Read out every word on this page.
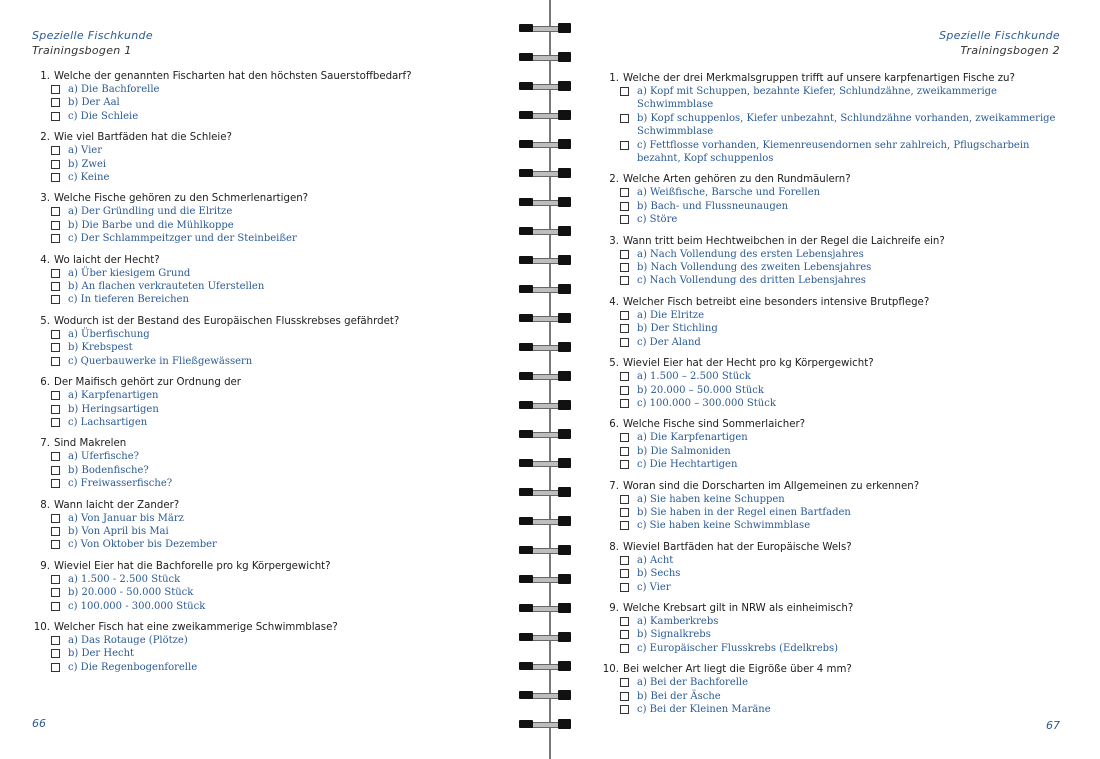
Spezielle Fischkunde
Trainingsbogen 1
1. Welche der genannten Fischarten hat den höchsten Sauerstoffbedarf?
a) Die Bachforelle
b) Der Aal
c) Die Schleie
2. Wie viel Bartfäden hat die Schleie?
a) Vier
b) Zwei
c) Keine
3. Welche Fische gehören zu den Schmerlenartigen?
a) Der Gründling und die Elritze
b) Die Barbe und die Mühlkoppe
c) Der Schlammpeitzger und der Steinbeißer
4. Wo laicht der Hecht?
a) Über kiesigem Grund
b) An flachen verkrauteten Uferstellen
c) In tieferen Bereichen
5. Wodurch ist der Bestand des Europäischen Flusskrebses gefährdet?
a) Überfischung
b) Krebspest
c) Querbauwerke in Fließgewässern
6. Der Maifisch gehört zur Ordnung der
a) Karpfenartigen
b) Heringsartigen
c) Lachsartigen
7. Sind Makrelen
a) Uferfische?
b) Bodenfische?
c) Freiwasserfische?
8. Wann laicht der Zander?
a) Von Januar bis März
b) Von April bis Mai
c) Von Oktober bis Dezember
9. Wieviel Eier hat die Bachforelle pro kg Körpergewicht?
a) 1.500 - 2.500 Stück
b) 20.000 - 50.000 Stück
c) 100.000 - 300.000 Stück
10. Welcher Fisch hat eine zweikammerige Schwimmblase?
a) Das Rotauge (Plötze)
b) Der Hecht
c) Die Regenbogenforelle
66
Spezielle Fischkunde
Trainingsbogen 2
1. Welche der drei Merkmalsgruppen trifft auf unsere karpfenartigen Fische zu?
a) Kopf mit Schuppen, bezahnte Kiefer, Schlundzähne, zweikammerige Schwimmblase
b) Kopf schuppenlos, Kiefer unbezahnt, Schlundzähne vorhanden, zweikammerige Schwimmblase
c) Fettflosse vorhanden, Kiemenreusendornen sehr zahlreich, Pflugscharbein bezahnt, Kopf schuppenlos
2. Welche Arten gehören zu den Rundmäulern?
a) Weißfische, Barsche und Forellen
b) Bach- und Flussneunaugen
c) Störe
3. Wann tritt beim Hechtweibchen in der Regel die Laichreife ein?
a) Nach Vollendung des ersten Lebensjahres
b) Nach Vollendung des zweiten Lebensjahres
c) Nach Vollendung des dritten Lebensjahres
4. Welcher Fisch betreibt eine besonders intensive Brutpflege?
a) Die Elritze
b) Der Stichling
c) Der Aland
5. Wieviel Eier hat der Hecht pro kg Körpergewicht?
a) 1.500 – 2.500 Stück
b) 20.000 – 50.000 Stück
c) 100.000 – 300.000 Stück
6. Welche Fische sind Sommerlaicher?
a) Die Karpfenartigen
b) Die Salmoniden
c) Die Hechtartigen
7. Woran sind die Dorscharten im Allgemeinen zu erkennen?
a) Sie haben keine Schuppen
b) Sie haben in der Regel einen Bartfaden
c) Sie haben keine Schwimmblase
8. Wieviel Bartfäden hat der Europäische Wels?
a) Acht
b) Sechs
c) Vier
9. Welche Krebsart gilt in NRW als einheimisch?
a) Kamberkrebs
b) Signalkrebs
c) Europäischer Flusskrebs (Edelkrebs)
10. Bei welcher Art liegt die Eigröße über 4 mm?
a) Bei der Bachforelle
b) Bei der Äsche
c) Bei der Kleinen Maräne
67
